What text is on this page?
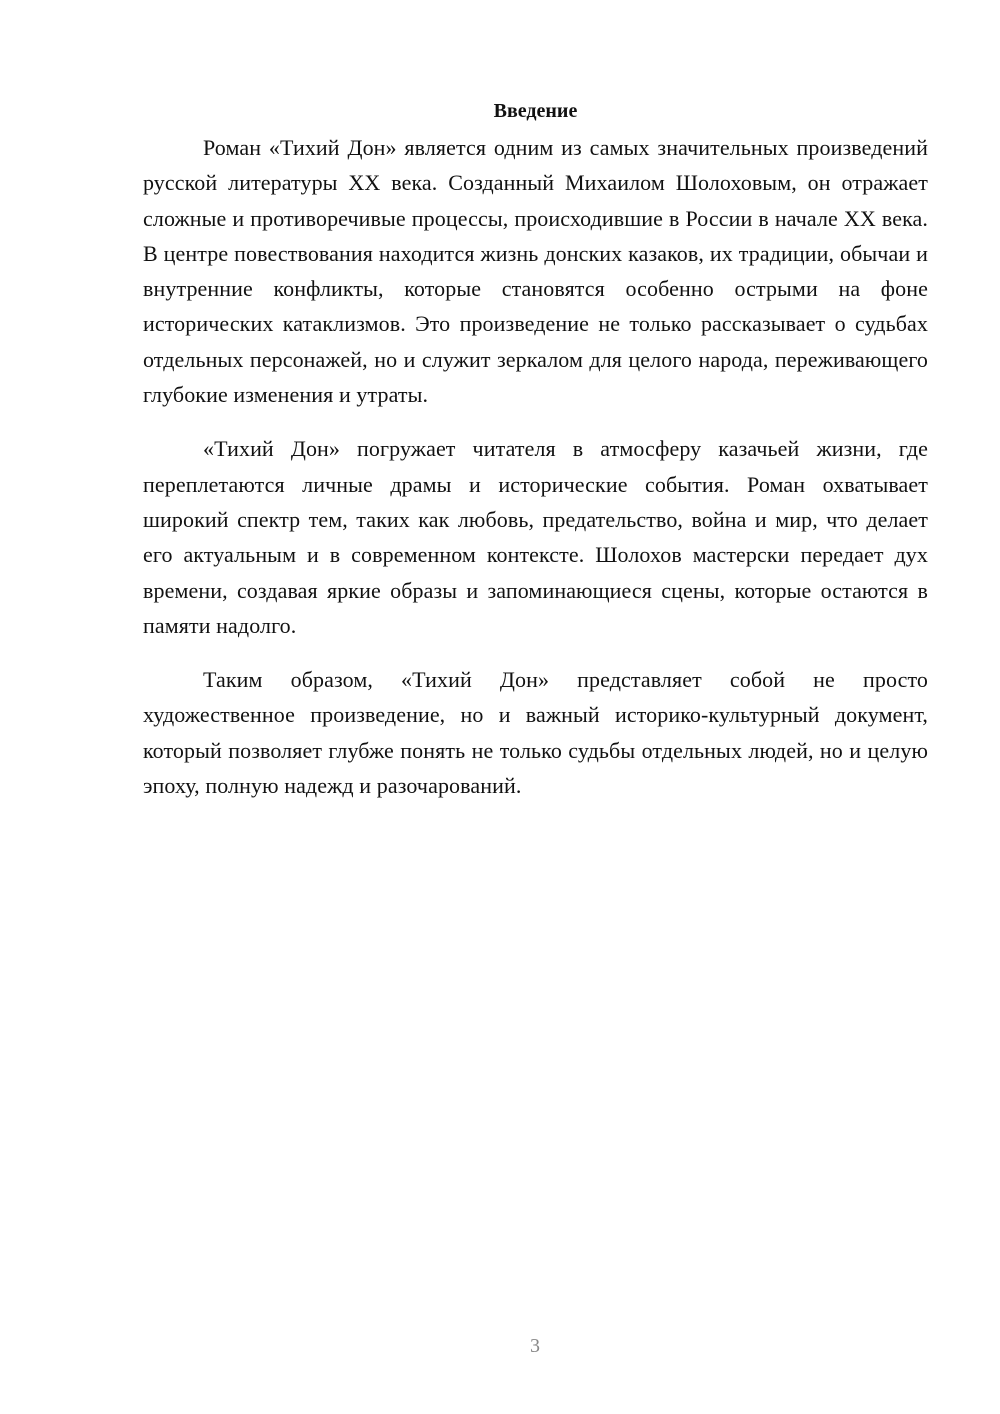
Введение

Роман «Тихий Дон» является одним из самых значительных произведений русской литературы XX века. Созданный Михаилом Шолоховым, он отражает сложные и противоречивые процессы, происходившие в России в начале XX века. В центре повествования находится жизнь донских казаков, их традиции, обычаи и внутренние конфликты, которые становятся особенно острыми на фоне исторических катаклизмов. Это произведение не только рассказывает о судьбах отдельных персонажей, но и служит зеркалом для целого народа, переживающего глубокие изменения и утраты.

«Тихий Дон» погружает читателя в атмосферу казачьей жизни, где переплетаются личные драмы и исторические события. Роман охватывает широкий спектр тем, таких как любовь, предательство, война и мир, что делает его актуальным и в современном контексте. Шолохов мастерски передает дух времени, создавая яркие образы и запоминающиеся сцены, которые остаются в памяти надолго.

Таким образом, «Тихий Дон» представляет собой не просто художественное произведение, но и важный историко-культурный документ, который позволяет глубже понять не только судьбы отдельных людей, но и целую эпоху, полную надежд и разочарований.

3
